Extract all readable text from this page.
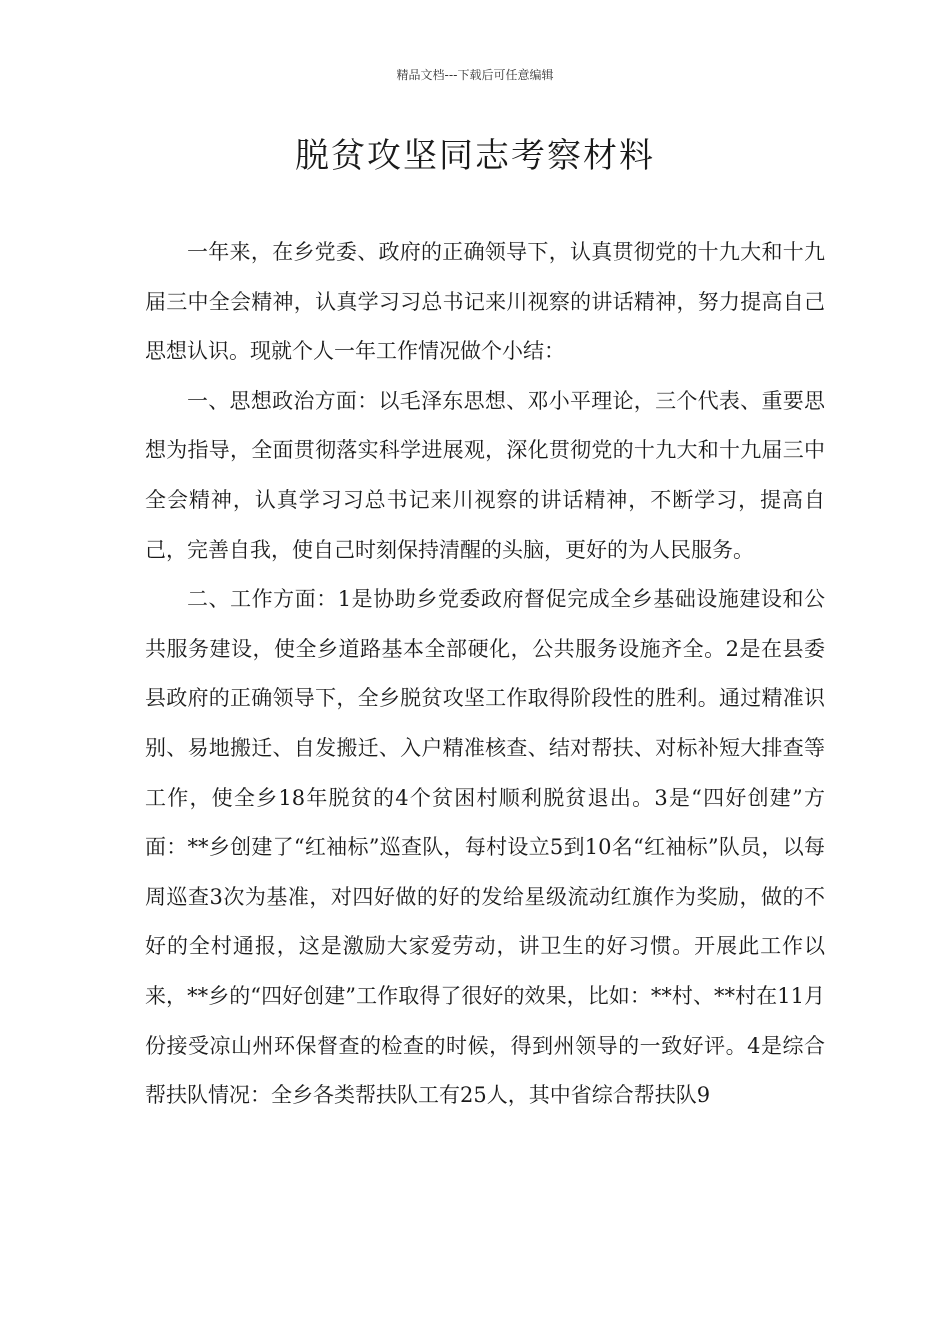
精品文档---下载后可任意编辑
脱贫攻坚同志考察材料

一年来，在乡党委、政府的正确领导下，认真贯彻党的十九大和十九届三中全会精神，认真学习习总书记来川视察的讲话精神，努力提高自己思想认识。现就个人一年工作情况做个小结：

一、思想政治方面：以毛泽东思想、邓小平理论，三个代表、重要思想为指导，全面贯彻落实科学进展观，深化贯彻党的十九大和十九届三中全会精神，认真学习习总书记来川视察的讲话精神，不断学习，提高自己，完善自我，使自己时刻保持清醒的头脑，更好的为人民服务。

二、工作方面：1是协助乡党委政府督促完成全乡基础设施建设和公共服务建设，使全乡道路基本全部硬化，公共服务设施齐全。2是在县委县政府的正确领导下，全乡脱贫攻坚工作取得阶段性的胜利。通过精准识别、易地搬迁、自发搬迁、入户精准核查、结对帮扶、对标补短大排查等工作，使全乡18年脱贫的4个贫困村顺利脱贫退出。3是“四好创建”方面：**乡创建了“红袖标”巡查队，每村设立5到10名“红袖标”队员，以每周巡查3次为基准，对四好做的好的发给星级流动红旗作为奖励，做的不好的全村通报，这是激励大家爱劳动，讲卫生的好习惯。开展此工作以来，**乡的“四好创建”工作取得了很好的效果，比如：**村、**村在11月份接受凉山州环保督查的检查的时候，得到州领导的一致好评。4是综合帮扶队情况：全乡各类帮扶队工有25人，其中省综合帮扶队9
